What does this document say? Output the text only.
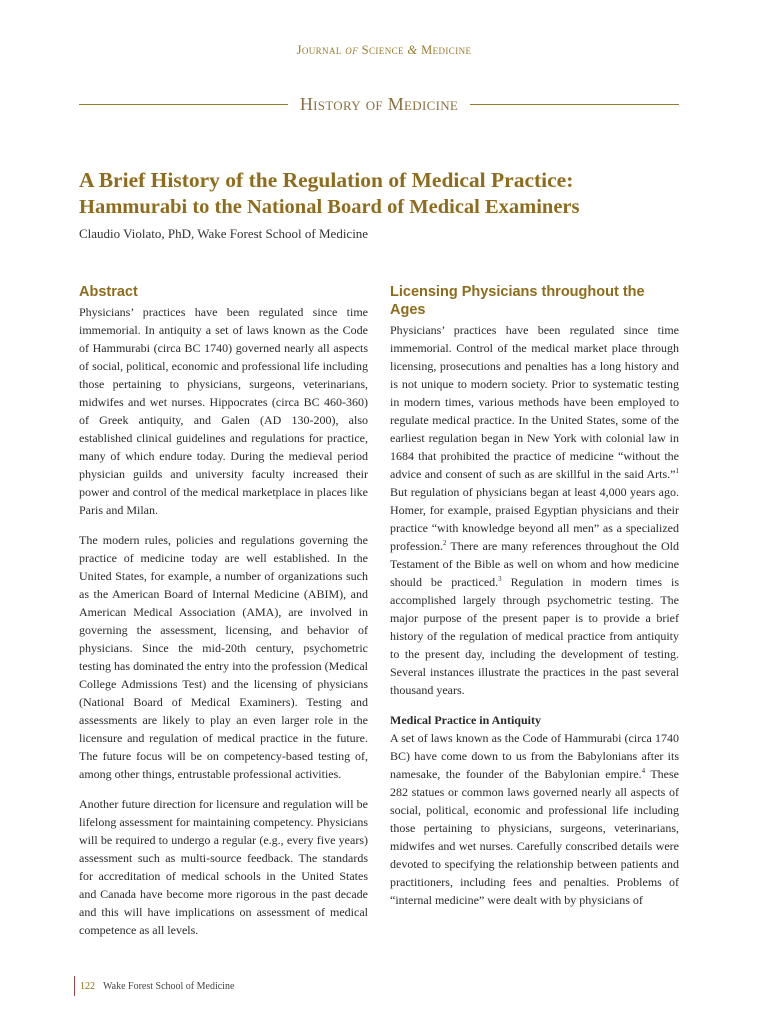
Journal of Science & Medicine
History of Medicine
A Brief History of the Regulation of Medical Practice:
Hammurabi to the National Board of Medical Examiners
Claudio Violato, PhD, Wake Forest School of Medicine
Abstract

Physicians’ practices have been regulated since time immemorial. In antiquity a set of laws known as the Code of Hammurabi (circa BC 1740) governed nearly all aspects of social, political, economic and professional life including those pertaining to physicians, surgeons, veterinarians, midwifes and wet nurses. Hippocrates (circa BC 460-360) of Greek antiquity, and Galen (AD 130-200), also established clinical guidelines and regulations for practice, many of which endure today. During the medieval period physician guilds and university faculty increased their power and control of the medical marketplace in places like Paris and Milan.

The modern rules, policies and regulations governing the practice of medicine today are well established. In the United States, for example, a number of organizations such as the American Board of Internal Medicine (ABIM), and American Medical Association (AMA), are involved in governing the assessment, licensing, and behavior of physicians. Since the mid-20th century, psychometric testing has dominated the entry into the profession (Medical College Admissions Test) and the licensing of physicians (National Board of Medical Examiners). Testing and assessments are likely to play an even larger role in the licensure and regulation of medical practice in the future. The future focus will be on competency-based testing of, among other things, entrustable professional activities.

Another future direction for licensure and regulation will be lifelong assessment for maintaining competency. Physicians will be required to undergo a regular (e.g., every five years) assessment such as multi-source feedback. The standards for accreditation of medical schools in the United States and Canada have become more rigorous in the past decade and this will have implications on assessment of medical competence as all levels.

Licensing Physicians throughout the Ages

Physicians’ practices have been regulated since time immemorial. Control of the medical market place through licensing, prosecutions and penalties has a long history and is not unique to modern society. Prior to systematic testing in modern times, various methods have been employed to regulate medical practice. In the United States, some of the earliest regulation began in New York with colonial law in 1684 that prohibited the practice of medicine “without the advice and consent of such as are skillful in the said Arts.”$^1$ But regulation of physicians began at least 4,000 years ago. Homer, for example, praised Egyptian physicians and their practice “with knowledge beyond all men” as a specialized profession.$^2$ There are many references throughout the Old Testament of the Bible as well on whom and how medicine should be practiced.$^3$ Regulation in modern times is accomplished largely through psychometric testing. The major purpose of the present paper is to provide a brief history of the regulation of medical practice from antiquity to the present day, including the development of testing. Several instances illustrate the practices in the past several thousand years.

Medical Practice in Antiquity

A set of laws known as the Code of Hammurabi (circa 1740 BC) have come down to us from the Babylonians after its namesake, the founder of the Babylonian empire.$^4$ These 282 statues or common laws governed nearly all aspects of social, political, economic and professional life including those pertaining to physicians, surgeons, veterinarians, midwifes and wet nurses. Carefully conscribed details were devoted to specifying the relationship between patients and practitioners, including fees and penalties. Problems of “internal medicine” were dealt with by physicians of

122 Wake Forest School of Medicine
